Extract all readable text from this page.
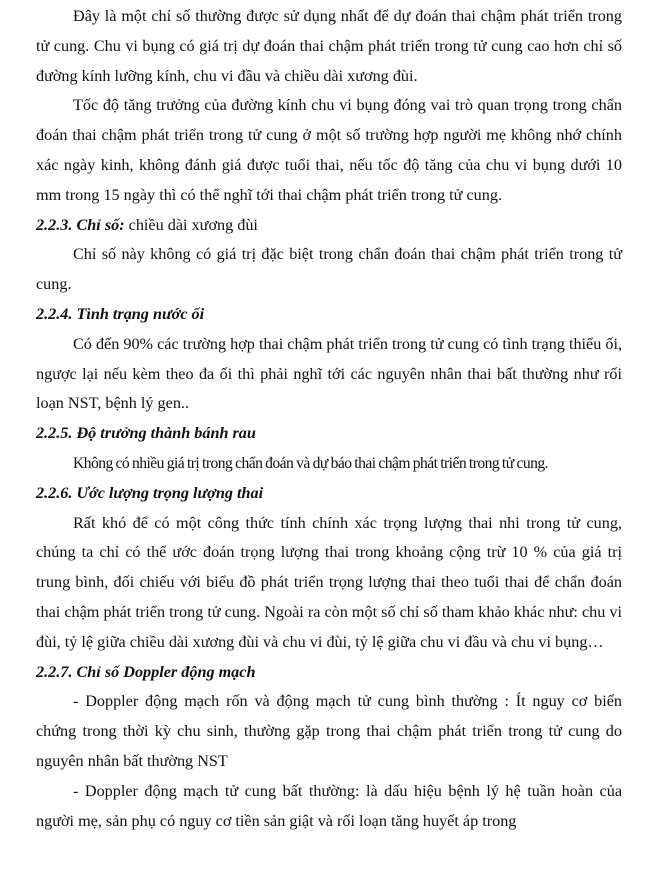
Đây là một chỉ số thường được sử dụng nhất để dự đoán thai chậm phát triển trong tử cung. Chu vi bụng có giá trị dự đoán thai chậm phát triển trong tử cung cao hơn chỉ số đường kính lưỡng kính, chu vi đầu và chiều dài xương đùi.

Tốc độ tăng trưởng của đường kính chu vi bụng đóng vai trò quan trọng trong chẩn đoán thai chậm phát triển trong tử cung ở một số trường hợp người mẹ không nhớ chính xác ngày kinh, không đánh giá được tuổi thai, nếu tốc độ tăng của chu vi bụng dưới 10 mm trong 15 ngày thì có thể nghĩ tới thai chậm phát triển trong tử cung.

2.2.3. Chỉ số: chiều dài xương đùi

Chỉ số này không có giá trị đặc biệt trong chẩn đoán thai chậm phát triển trong tử cung.

2.2.4. Tình trạng nước ối

Có đến 90% các trường hợp thai chậm phát triển trong tử cung có tình trạng thiểu ối, ngược lại nếu kèm theo đa ối thì phải nghĩ tới các nguyên nhân thai bất thường như rối loạn NST, bệnh lý gen..

2.2.5. Độ trưởng thành bánh rau

Không có nhiều giá trị trong chẩn đoán và dự báo thai chậm phát triển trong tử cung.

2.2.6. Ước lượng trọng lượng thai

Rất khó để có một công thức tính chính xác trọng lượng thai nhi trong tử cung, chúng ta chỉ có thể ước đoán trọng lượng thai trong khoảng cộng trừ 10 % của giá trị trung bình, đối chiếu với biểu đồ phát triển trọng lượng thai theo tuổi thai để chẩn đoán thai chậm phát triển trong tử cung. Ngoài ra còn một số chỉ số tham khảo khác như: chu vi đùi, tỷ lệ giữa chiều dài xương đùi và chu vi đùi, tỷ lệ giữa chu vi đầu và chu vi bụng…

2.2.7. Chỉ số Doppler động mạch

- Doppler động mạch rốn và động mạch tử cung bình thường : Ít nguy cơ biến chứng trong thời kỳ chu sinh, thường gặp trong thai chậm phát triển trong tử cung do nguyên nhân bất thường NST

- Doppler động mạch tử cung bất thường: là dấu hiệu bệnh lý hệ tuần hoàn của người mẹ, sản phụ có nguy cơ tiền sản giật và rối loạn tăng huyết áp trong
